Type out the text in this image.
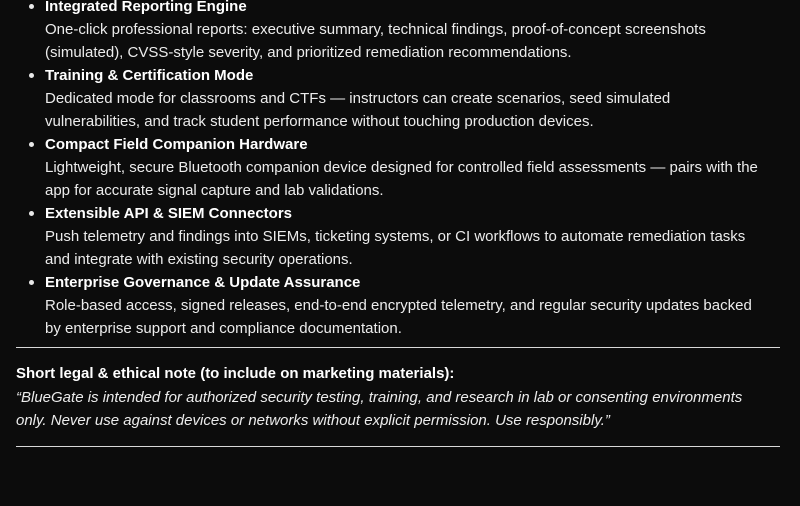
Integrated Reporting Engine
One-click professional reports: executive summary, technical findings, proof-of-concept screenshots
(simulated), CVSS-style severity, and prioritized remediation recommendations.
Training & Certification Mode
Dedicated mode for classrooms and CTFs — instructors can create scenarios, seed simulated
vulnerabilities, and track student performance without touching production devices.
Compact Field Companion Hardware
Lightweight, secure Bluetooth companion device designed for controlled field assessments — pairs with the
app for accurate signal capture and lab validations.
Extensible API & SIEM Connectors
Push telemetry and findings into SIEMs, ticketing systems, or CI workflows to automate remediation tasks
and integrate with existing security operations.
Enterprise Governance & Update Assurance
Role-based access, signed releases, end-to-end encrypted telemetry, and regular security updates backed
by enterprise support and compliance documentation.
Short legal & ethical note (to include on marketing materials):
“BlueGate is intended for authorized security testing, training, and research in lab or consenting environments
only. Never use against devices or networks without explicit permission. Use responsibly.”
